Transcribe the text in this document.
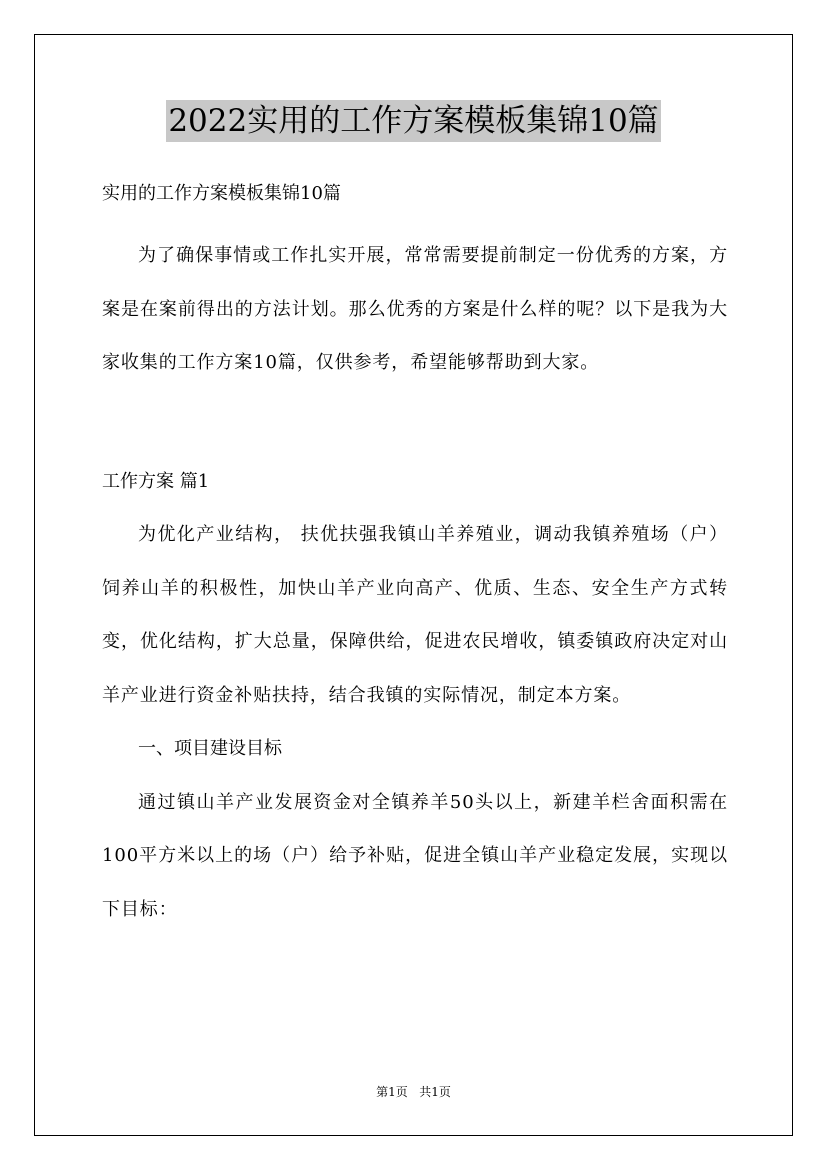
2022实用的工作方案模板集锦10篇

实用的工作方案模板集锦10篇

为了确保事情或工作扎实开展，常常需要提前制定一份优秀的方案，方案是在案前得出的方法计划。那么优秀的方案是什么样的呢？以下是我为大家收集的工作方案10篇，仅供参考，希望能够帮助到大家。

工作方案 篇1

为优化产业结构， 扶优扶强我镇山羊养殖业，调动我镇养殖场（户）饲养山羊的积极性，加快山羊产业向高产、优质、生态、安全生产方式转变，优化结构，扩大总量，保障供给，促进农民增收，镇委镇政府决定对山羊产业进行资金补贴扶持，结合我镇的实际情况，制定本方案。

一、项目建设目标

通过镇山羊产业发展资金对全镇养羊50头以上，新建羊栏舍面积需在100平方米以上的场（户）给予补贴，促进全镇山羊产业稳定发展，实现以下目标：

第1页   共1页
